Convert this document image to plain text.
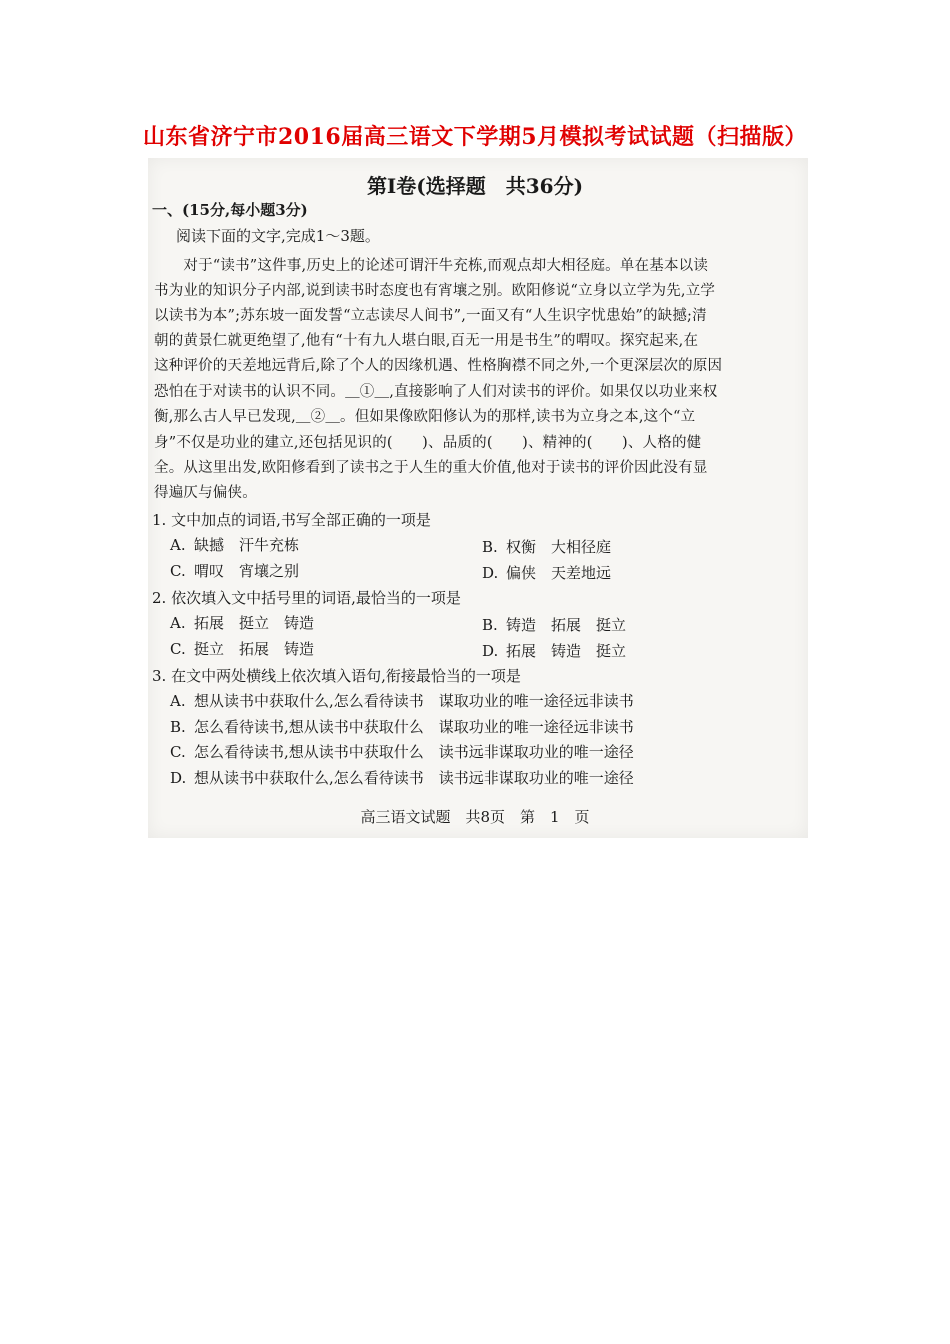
山东省济宁市2016届高三语文下学期5月模拟考试试题（扫描版）
第Ⅰ卷(选择题　共36分)
一、(15分,每小题3分)
阅读下面的文字,完成1～3题。
　　对于“读书”这件事,历史上的论述可谓汗牛充栋,而观点却大相径庭。单在基本以读
书为业的知识分子内部,说到读书时态度也有宵壤之别。欧阳修说“立身以立学为先,立学
以读书为本”;苏东坡一面发誓“立志读尽人间书”,一面又有“人生识字忧患始”的缺撼;清
朝的黄景仁就更绝望了,他有“十有九人堪白眼,百无一用是书生”的喟叹。探究起来,在
这种评价的天差地远背后,除了个人的因缘机遇、性格胸襟不同之外,一个更深层次的原因
恐怕在于对读书的认识不同。＿①＿,直接影响了人们对读书的评价。如果仅以功业来权
衡,那么古人早已发现,＿②＿。但如果像欧阳修认为的那样,读书为立身之本,这个“立
身”不仅是功业的建立,还包括见识的(　　)、品质的(　　)、精神的(　　)、人格的健
全。从这里出发,欧阳修看到了读书之于人生的重大价值,他对于读书的评价因此没有显
得遍仄与偏侠。
1. 文中加点的词语,书写全部正确的一项是
A. 缺撼　汗牛充栋	B. 权衡　大相径庭
C. 喟叹　宵壤之别	D. 偏侠　天差地远
2. 依次填入文中括号里的词语,最恰当的一项是
A. 拓展　挺立　铸造	B. 铸造　拓展　挺立
C. 挺立　拓展　铸造	D. 拓展　铸造　挺立
3. 在文中两处横线上依次填入语句,衔接最恰当的一项是
A. 想从读书中获取什么,怎么看待读书　谋取功业的唯一途径远非读书
B. 怎么看待读书,想从读书中获取什么　谋取功业的唯一途径远非读书
C. 怎么看待读书,想从读书中获取什么　读书远非谋取功业的唯一途径
D. 想从读书中获取什么,怎么看待读书　读书远非谋取功业的唯一途径
高三语文试题　共8页　第　1　页
